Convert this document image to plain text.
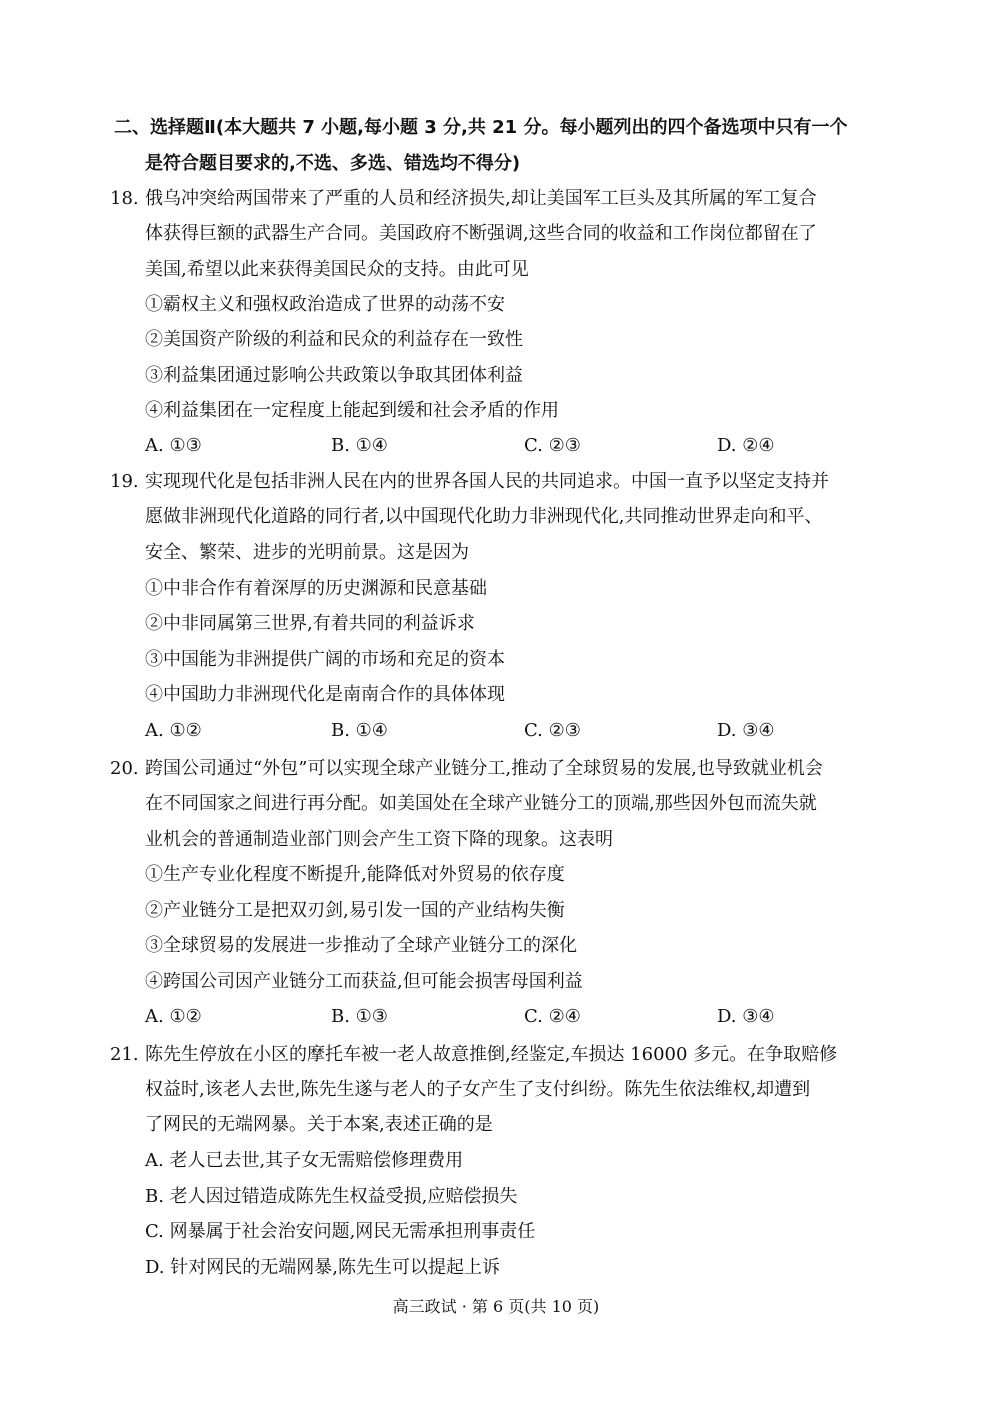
二、选择题Ⅱ(本大题共 7 小题,每小题 3 分,共 21 分。每小题列出的四个备选项中只有一个
是符合题目要求的,不选、多选、错选均不得分)
18. 俄乌冲突给两国带来了严重的人员和经济损失,却让美国军工巨头及其所属的军工复合
体获得巨额的武器生产合同。美国政府不断强调,这些合同的收益和工作岗位都留在了
美国,希望以此来获得美国民众的支持。由此可见
①霸权主义和强权政治造成了世界的动荡不安
②美国资产阶级的利益和民众的利益存在一致性
③利益集团通过影响公共政策以争取其团体利益
④利益集团在一定程度上能起到缓和社会矛盾的作用
A. ①③	B. ①④	C. ②③	D. ②④
19. 实现现代化是包括非洲人民在内的世界各国人民的共同追求。中国一直予以坚定支持并
愿做非洲现代化道路的同行者,以中国现代化助力非洲现代化,共同推动世界走向和平、
安全、繁荣、进步的光明前景。这是因为
①中非合作有着深厚的历史渊源和民意基础
②中非同属第三世界,有着共同的利益诉求
③中国能为非洲提供广阔的市场和充足的资本
④中国助力非洲现代化是南南合作的具体体现
A. ①②	B. ①④	C. ②③	D. ③④
20. 跨国公司通过“外包”可以实现全球产业链分工,推动了全球贸易的发展,也导致就业机会
在不同国家之间进行再分配。如美国处在全球产业链分工的顶端,那些因外包而流失就
业机会的普通制造业部门则会产生工资下降的现象。这表明
①生产专业化程度不断提升,能降低对外贸易的依存度
②产业链分工是把双刃剑,易引发一国的产业结构失衡
③全球贸易的发展进一步推动了全球产业链分工的深化
④跨国公司因产业链分工而获益,但可能会损害母国利益
A. ①②	B. ①③	C. ②④	D. ③④
21. 陈先生停放在小区的摩托车被一老人故意推倒,经鉴定,车损达 16000 多元。在争取赔修
权益时,该老人去世,陈先生遂与老人的子女产生了支付纠纷。陈先生依法维权,却遭到
了网民的无端网暴。关于本案,表述正确的是
A. 老人已去世,其子女无需赔偿修理费用
B. 老人因过错造成陈先生权益受损,应赔偿损失
C. 网暴属于社会治安问题,网民无需承担刑事责任
D. 针对网民的无端网暴,陈先生可以提起上诉
高三政试 · 第 6 页(共 10 页)
